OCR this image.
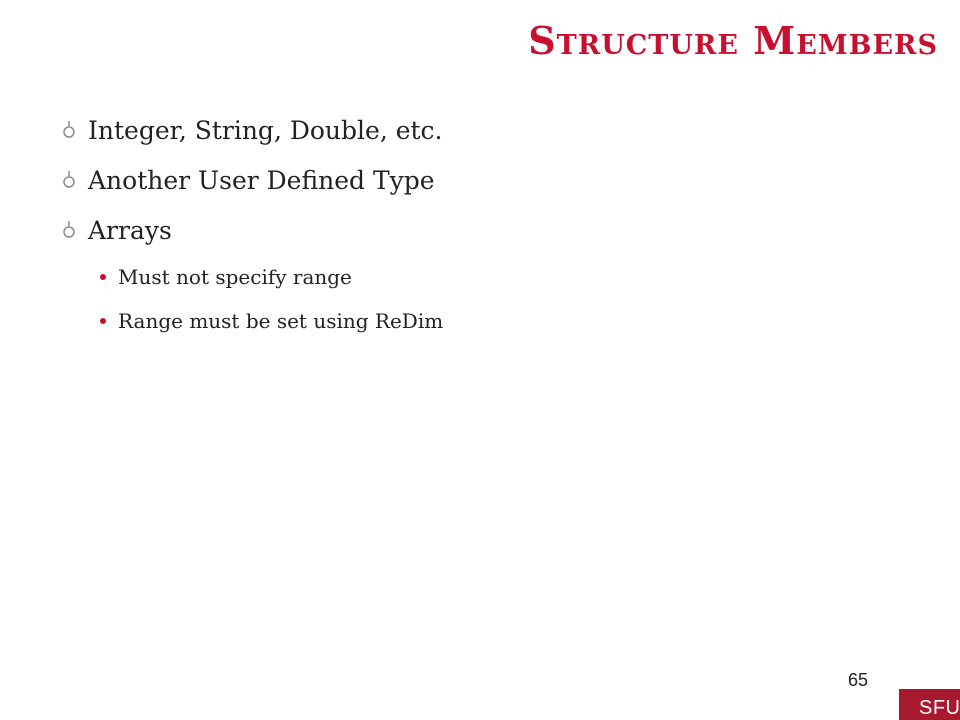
Structure Members
Integer, String, Double, etc.
Another User Defined Type
Arrays
Must not specify range
Range must be set using ReDim
65
SFU
